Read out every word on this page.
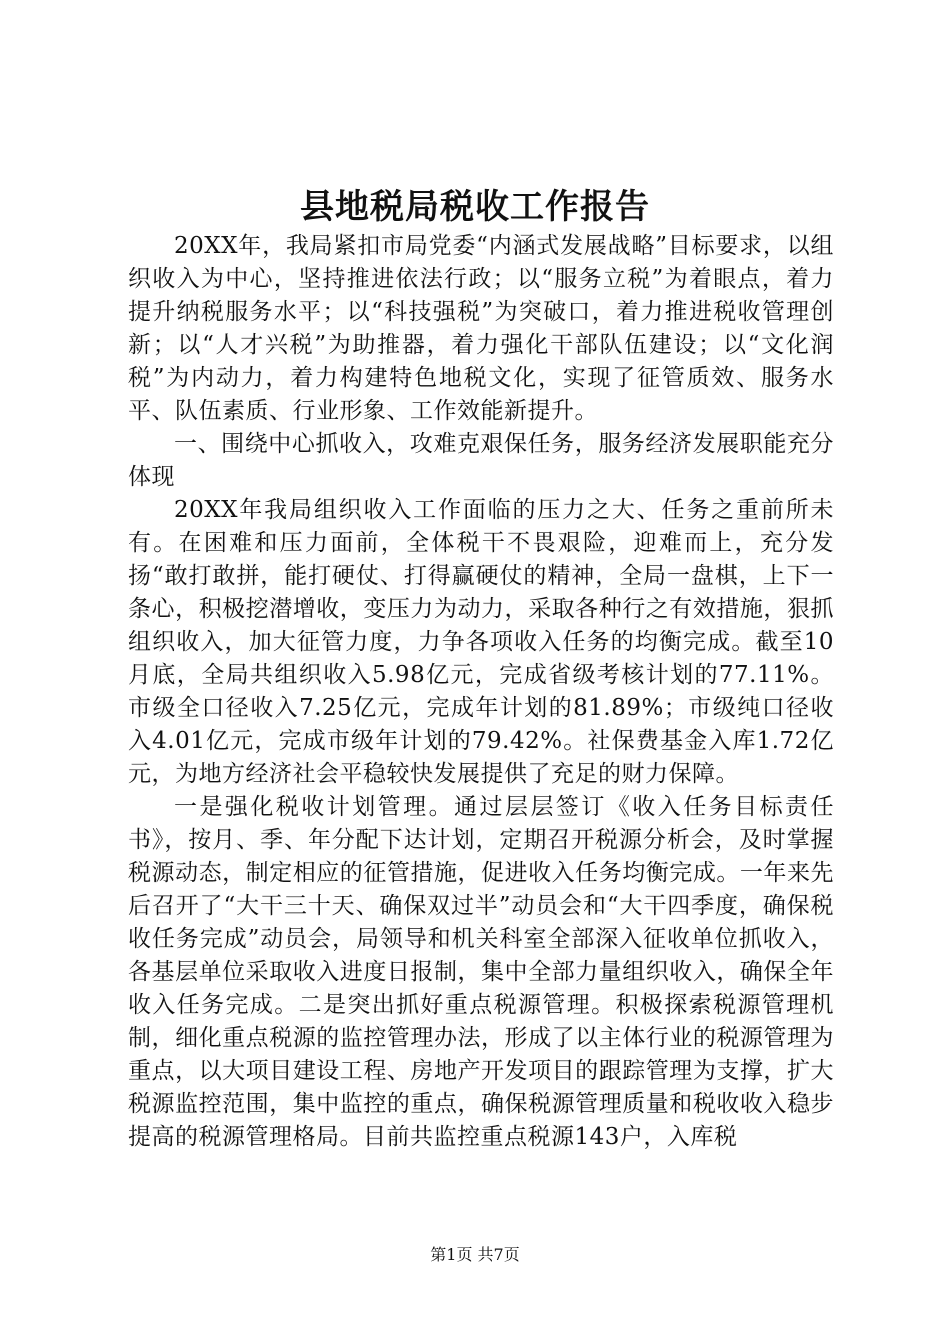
县地税局税收工作报告

20XX年，我局紧扣市局党委“内涵式发展战略”目标要求，以组织收入为中心，坚持推进依法行政；以“服务立税”为着眼点，着力提升纳税服务水平；以“科技强税”为突破口，着力推进税收管理创新；以“人才兴税”为助推器，着力强化干部队伍建设；以“文化润税”为内动力，着力构建特色地税文化，实现了征管质效、服务水平、队伍素质、行业形象、工作效能新提升。

一、围绕中心抓收入，攻难克艰保任务，服务经济发展职能充分体现

20XX年我局组织收入工作面临的压力之大、任务之重前所未有。在困难和压力面前，全体税干不畏艰险，迎难而上，充分发扬“敢打敢拼，能打硬仗、打得赢硬仗的精神，全局一盘棋，上下一条心，积极挖潜增收，变压力为动力，采取各种行之有效措施，狠抓组织收入，加大征管力度，力争各项收入任务的均衡完成。截至10月底，全局共组织收入5.98亿元，完成省级考核计划的77.11%。市级全口径收入7.25亿元，完成年计划的81.89%；市级纯口径收入4.01亿元，完成市级年计划的79.42%。社保费基金入库1.72亿元，为地方经济社会平稳较快发展提供了充足的财力保障。

一是强化税收计划管理。通过层层签订《收入任务目标责任书》，按月、季、年分配下达计划，定期召开税源分析会，及时掌握税源动态，制定相应的征管措施，促进收入任务均衡完成。一年来先后召开了“大干三十天、确保双过半”动员会和“大干四季度，确保税收任务完成”动员会，局领导和机关科室全部深入征收单位抓收入，各基层单位采取收入进度日报制，集中全部力量组织收入，确保全年收入任务完成。二是突出抓好重点税源管理。积极探索税源管理机制，细化重点税源的监控管理办法，形成了以主体行业的税源管理为重点，以大项目建设工程、房地产开发项目的跟踪管理为支撑，扩大税源监控范围，集中监控的重点，确保税源管理质量和税收收入稳步提高的税源管理格局。目前共监控重点税源143户，入库税

第1页 共7页
